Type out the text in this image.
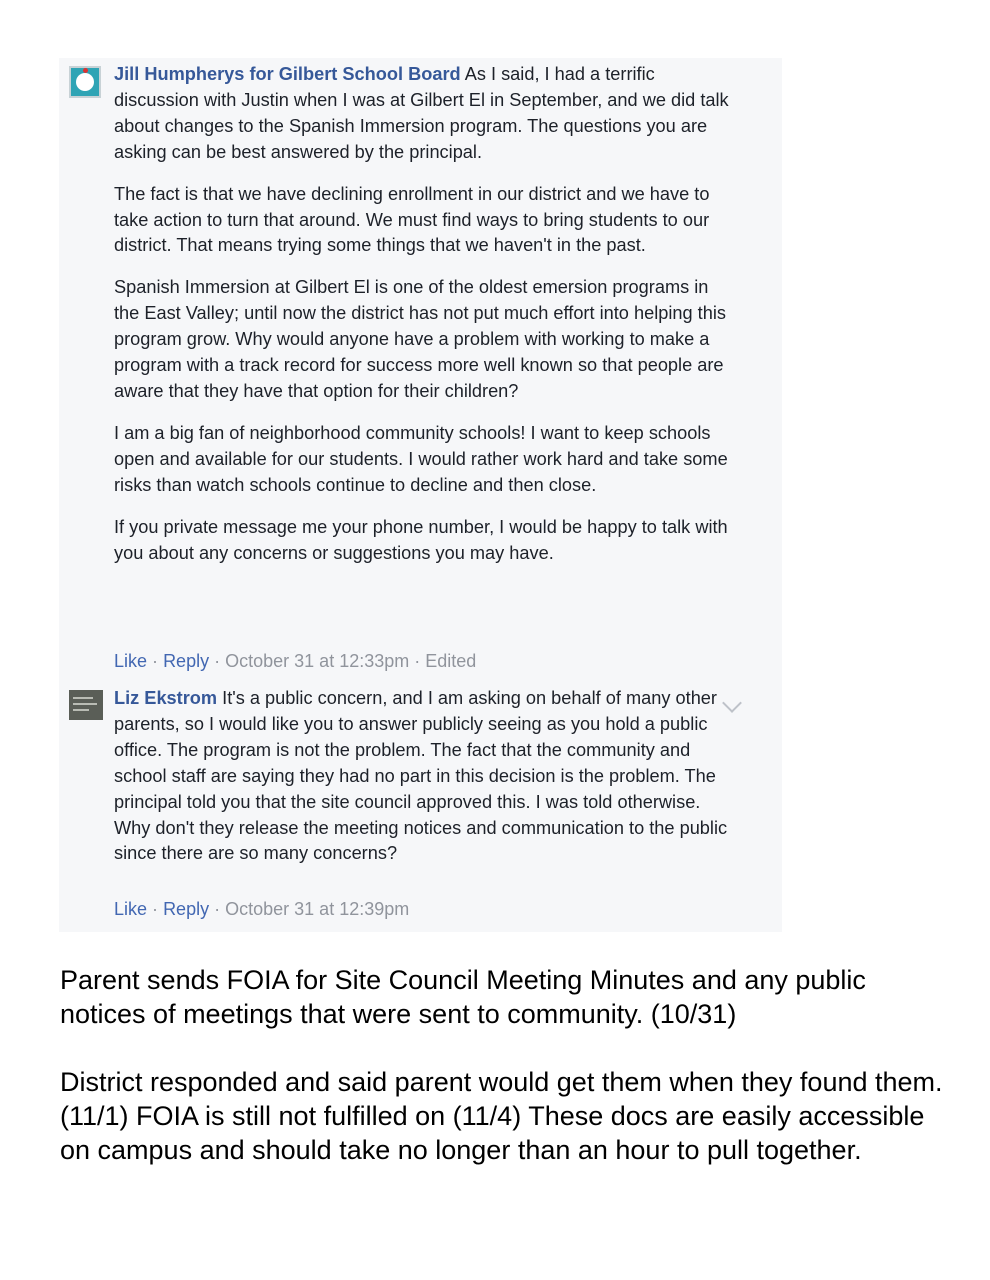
Jill Humpherys for Gilbert School Board As I said, I had a terrific discussion with Justin when I was at Gilbert El in September, and we did talk about changes to the Spanish Immersion program. The questions you are asking can be best answered by the principal.

The fact is that we have declining enrollment in our district and we have to take action to turn that around. We must find ways to bring students to our district. That means trying some things that we haven't in the past.

Spanish Immersion at Gilbert El is one of the oldest emersion programs in the East Valley; until now the district has not put much effort into helping this program grow. Why would anyone have a problem with working to make a program with a track record for success more well known so that people are aware that they have that option for their children?

I am a big fan of neighborhood community schools! I want to keep schools open and available for our students. I would rather work hard and take some risks than watch schools continue to decline and then close.

If you private message me your phone number, I would be happy to talk with you about any concerns or suggestions you may have.

Like · Reply · October 31 at 12:33pm · Edited

Liz Ekstrom It's a public concern, and I am asking on behalf of many other parents, so I would like you to answer publicly seeing as you hold a public office. The program is not the problem. The fact that the community and school staff are saying they had no part in this decision is the problem. The principal told you that the site council approved this. I was told otherwise. Why don't they release the meeting notices and communication to the public since there are so many concerns?

Like · Reply · October 31 at 12:39pm

Parent sends FOIA for Site Council Meeting Minutes and any public notices of meetings that were sent to community. (10/31)

District responded and said parent would get them when they found them. (11/1) FOIA is still not fulfilled on (11/4) These docs are easily accessible on campus and should take no longer than an hour to pull together.
